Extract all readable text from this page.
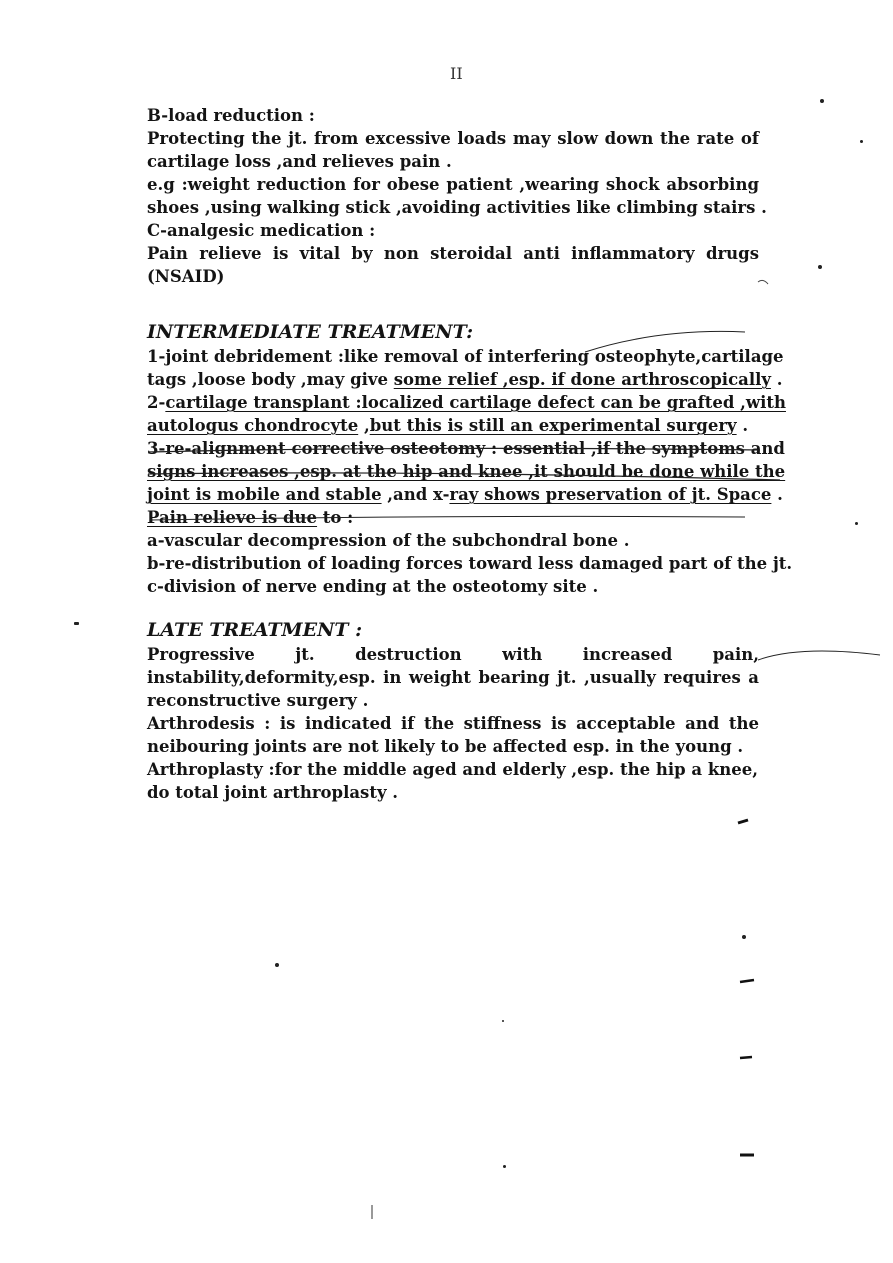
II

B-load reduction :

Protecting the jt. from excessive loads may slow down the rate of

cartilage loss ,and relieves pain .

e.g :weight reduction for obese patient ,wearing shock absorbing

shoes ,using walking stick ,avoiding activities like climbing stairs .

C-analgesic medication :

Pain relieve is vital by non steroidal anti inflammatory drugs

(NSAID)

INTERMEDIATE TREATMENT:

1-joint debridement :like removal of interfering osteophyte,cartilage

tags ,loose body ,may give some relief ,esp. if done arthroscopically .

2-cartilage transplant :localized cartilage defect can be grafted ,with

autologus chondrocyte ,but this is still an experimental surgery .

3-re-alignment corrective osteotomy : essential ,if the symptoms and

signs increases ,esp. at the hip and knee ,it should be done while the

joint is mobile and stable ,and x-ray shows preservation of jt. Space .

Pain relieve is due to :

a-vascular decompression of the subchondral bone .

b-re-distribution of loading forces toward less damaged part of the jt.

c-division of nerve ending at the osteotomy site .

LATE TREATMENT :

Progressive jt. destruction with increased pain,

instability,deformity,esp. in weight bearing jt. ,usually requires a

reconstructive surgery .

Arthrodesis : is indicated if the stiffness is acceptable and the

neibouring joints are not likely to be affected esp. in the young .

Arthroplasty :for the middle aged and elderly ,esp. the hip a knee,

do total joint arthroplasty .
